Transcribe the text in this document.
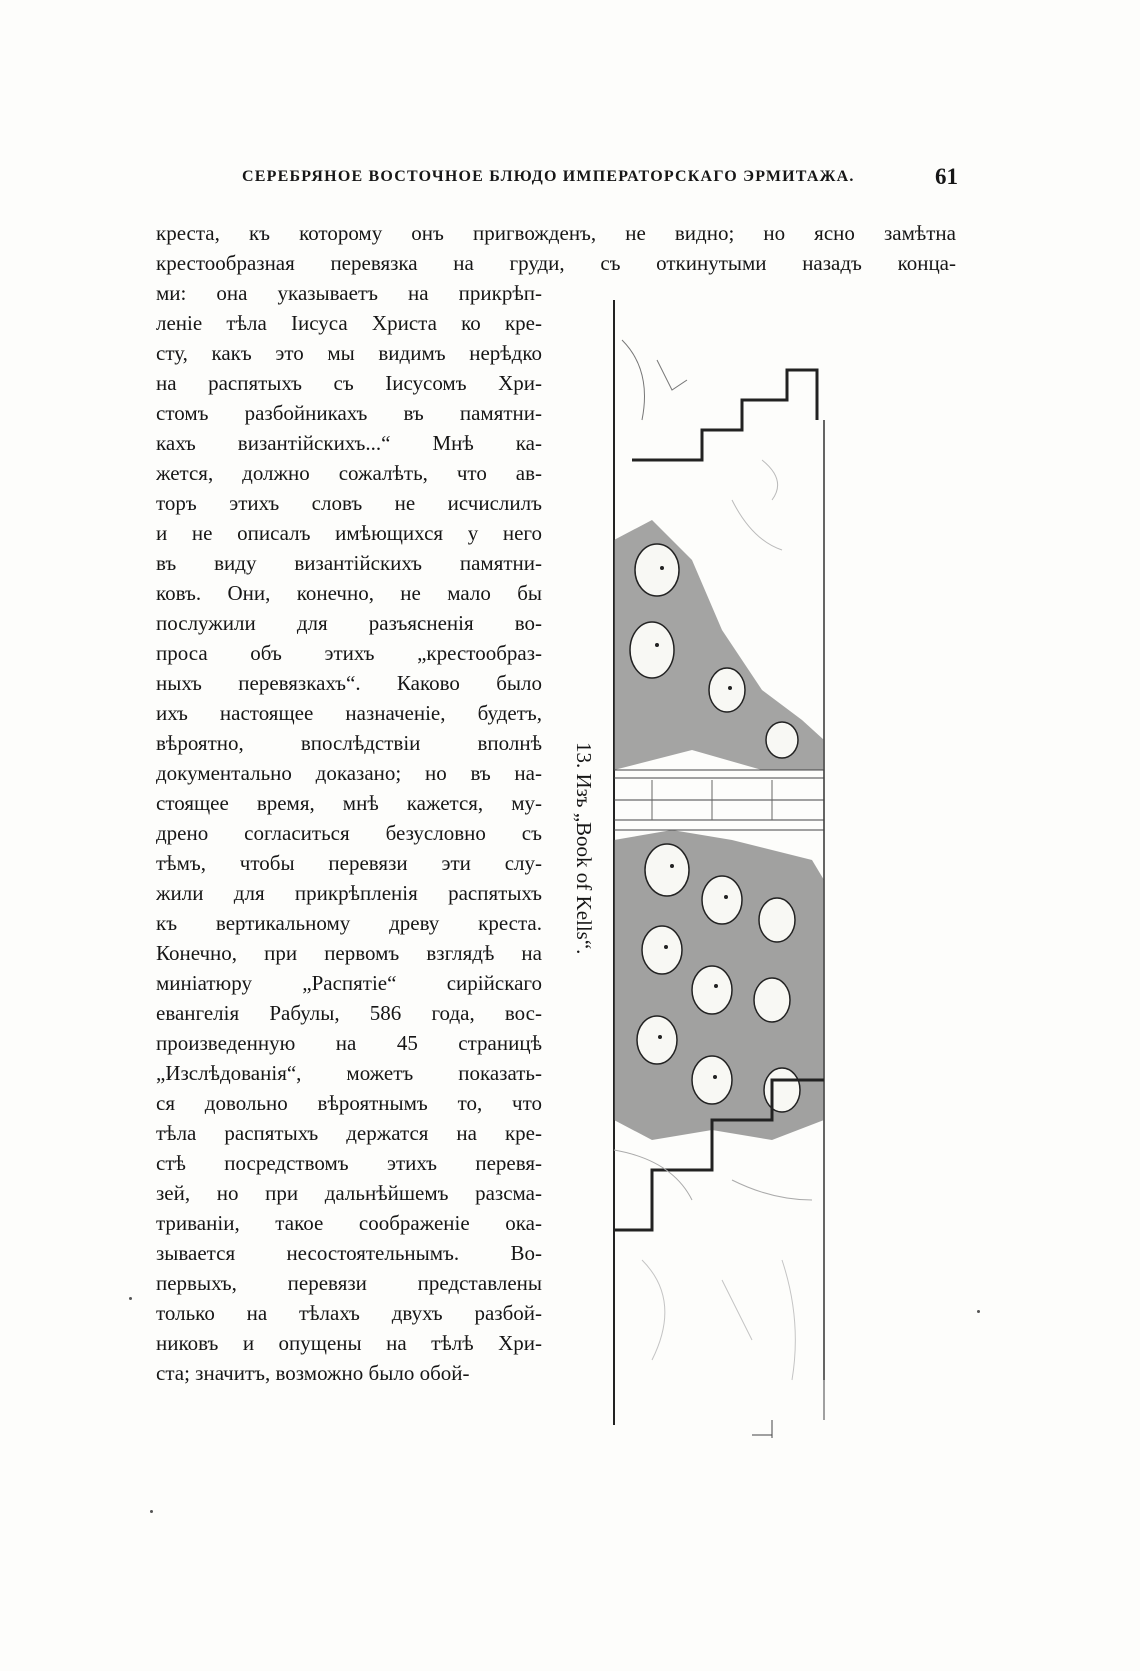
СЕРЕБРЯНОЕ ВОСТОЧНОЕ БЛЮДО ИМПЕРАТОРСКАГО ЭРМИТАЖА.	61
креста, къ которому онъ пригвожденъ, не видно; но ясно замѣтна
крестообразная перевязка на груди, съ откинутыми назадъ конца-
ми: она указываетъ на прикрѣп-
леніе тѣла Іисуса Христа ко кре-
сту, какъ это мы видимъ нерѣдко
на распятыхъ съ Іисусомъ Хри-
стомъ разбойникахъ въ памятни-
кахъ византійскихъ...“ Мнѣ ка-
жется, должно сожалѣть, что ав-
торъ этихъ словъ не исчислилъ
и не описалъ имѣющихся у него
въ виду византійскихъ памятни-
ковъ. Они, конечно, не мало бы
послужили для разъясненія во-
проса объ этихъ „крестообраз-
ныхъ перевязкахъ“. Каково было
ихъ настоящее назначеніе, будетъ,
вѣроятно, впослѣдствіи вполнѣ
документально доказано; но въ на-
стоящее время, мнѣ кажется, му-
дрено согласиться безусловно съ
тѣмъ, чтобы перевязи эти слу-
жили для прикрѣпленія распятыхъ
къ вертикальному древу креста.
Конечно, при первомъ взглядѣ на
миніатюру „Распятіе“ сирійскаго
евангелія Рабулы, 586 года, вос-
произведенную на 45 страницѣ
„Изслѣдованія“, можетъ показать-
ся довольно вѣроятнымъ то, что
тѣла распятыхъ держатся на кре-
стѣ посредствомъ этихъ перевя-
зей, но при дальнѣйшемъ разсма-
триваніи, такое соображеніе ока-
зывается несостоятельнымъ. Во-
первыхъ, перевязи представлены
только на тѣлахъ двухъ разбой-
никовъ и опущены на тѣлѣ Хри-
ста; значитъ, возможно было обой-
13. Изъ „Book of Kells“.
